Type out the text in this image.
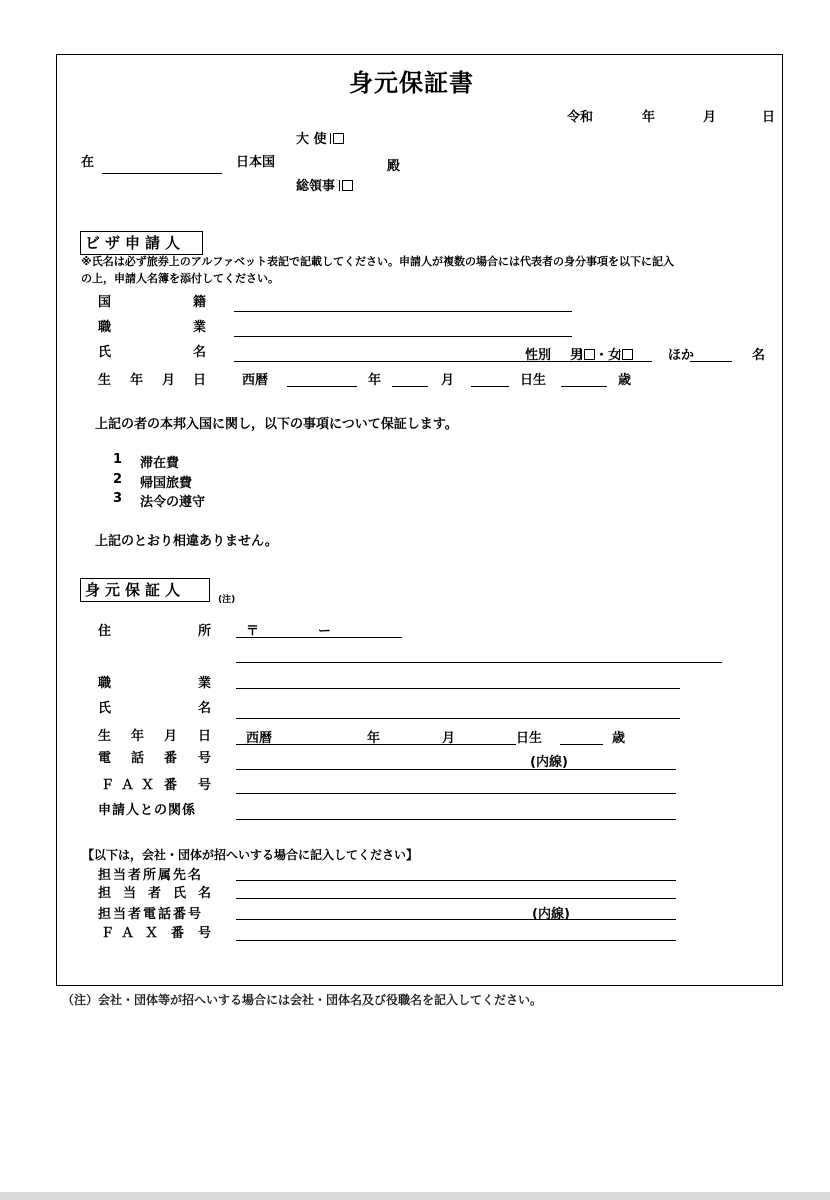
身元保証書
令和	年	月	日
大 使
在	日本国	殿
総領事
ビザ申請人
※氏名は必ず旅券上のアルファベット表記で記載してください。申請人が複数の場合には代表者の身分事項を以下に記入
の上，申請人名簿を添付してください。
国	籍
職	業
氏	名	性別 男 ・女	ほか	名
生 年 月 日	西暦	年	月	日生	歳
上記の者の本邦入国に関し，以下の事項について保証します。
1 滞在費
2 帰国旅費
3 法令の遵守
上記のとおり相違ありません。
身元保証人
(注)
住	所	〒	ー
職	業
氏	名
生 年 月 日	西暦	年	月	日生	歳
電 話 番 号	(内線)
Ｆ Ａ Ｘ 番 号
申請人との関係
【以下は，会社・団体が招へいする場合に記入してください】
担当者所属先名
担 当 者 氏 名
担当者電話番号	(内線)
Ｆ Ａ Ｘ 番 号
（注）会社・団体等が招へいする場合には会社・団体名及び役職名を記入してください。
